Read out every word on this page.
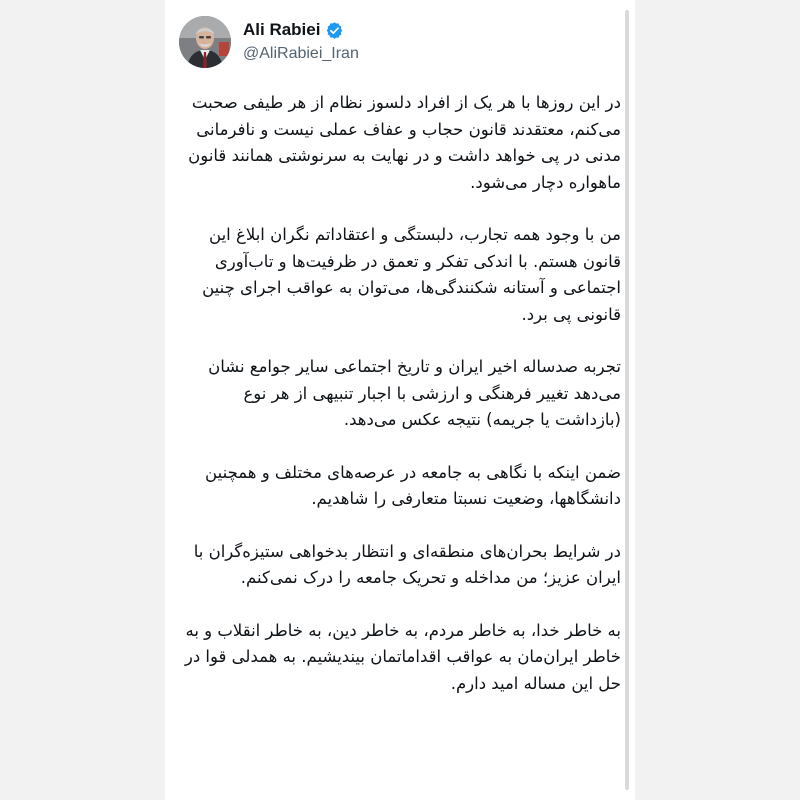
Ali Rabiei
@AliRabiei_Iran

در این روزها با هر یک از افراد دلسوز نظام از هر طیفی صحبت می‌کنم، معتقدند قانون حجاب و عفاف عملی نیست و نافرمانی مدنی در پی خواهد داشت و در نهایت به سرنوشتی همانند قانون ماهواره دچار می‌شود.

من با وجود همه تجارب، دلبستگی و اعتقاداتم نگران ابلاغ این قانون هستم. با اندکی تفکر و تعمق در ظرفیت‌ها و تاب‌آوری اجتماعی و آستانه شکنندگی‌ها، می‌توان به عواقب اجرای چنین قانونی پی برد.

تجربه صدساله اخیر ایران و تاریخ اجتماعی سایر جوامع نشان می‌دهد تغییر فرهنگی و ارزشی با اجبار تنبیهی از هر نوع (بازداشت یا جریمه) نتیجه عکس می‌دهد.

ضمن اینکه با نگاهی به جامعه در عرصه‌های مختلف و همچنین دانشگاهها، وضعیت نسبتا متعارفی را شاهدیم.

در شرایط بحران‌های منطقه‌ای و انتظار بدخواهی ستیزه‌گران با ایران عزیز؛ من مداخله و تحریک جامعه را درک نمی‌کنم.

به خاطر خدا، به خاطر مردم، به خاطر دین، به خاطر انقلاب و به خاطر ایران‌مان به عواقب اقداماتمان بیندیشیم. به همدلی قوا در حل این مساله امید دارم.
